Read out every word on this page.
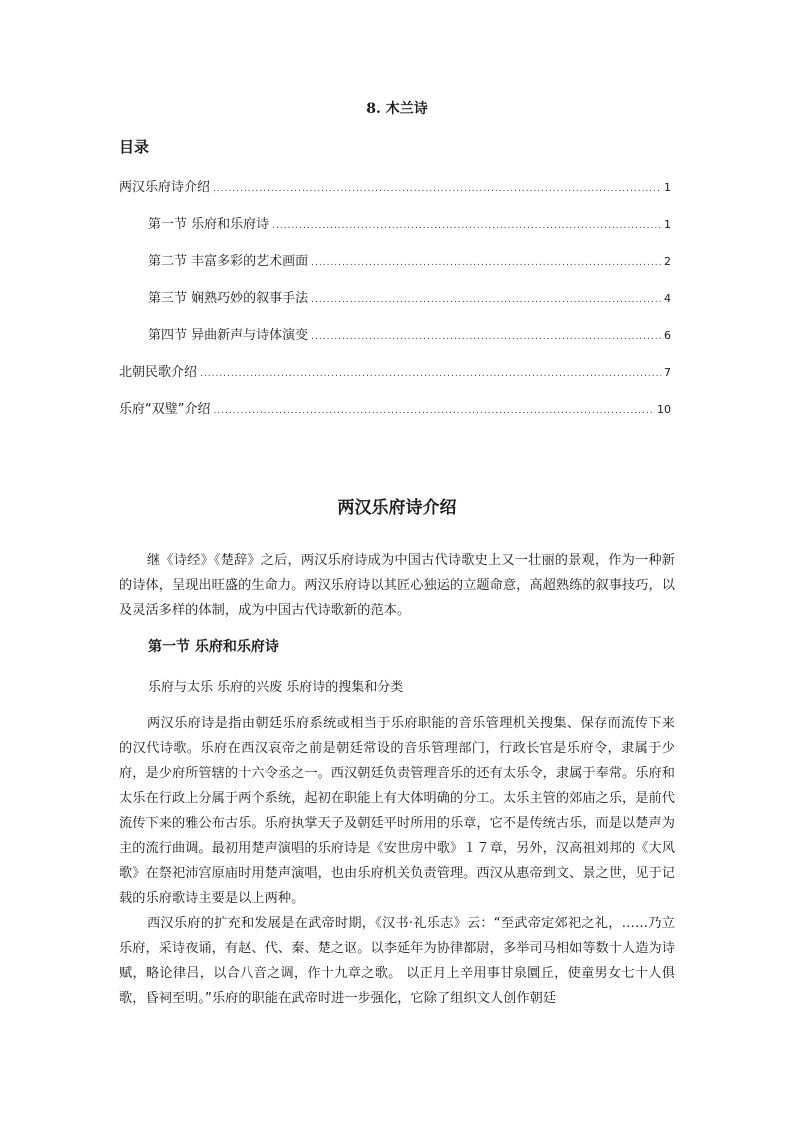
8. 木兰诗
目录
两汉乐府诗介绍 .....	1
第一节 乐府和乐府诗 .....	1
第二节 丰富多彩的艺术画面 .....	2
第三节 娴熟巧妙的叙事手法 .....	4
第四节 异曲新声与诗体演变 .....	6
北朝民歌介绍 .....	7
乐府“双璧”介绍 .....	10
两汉乐府诗介绍
继《诗经》《楚辞》之后，两汉乐府诗成为中国古代诗歌史上又一壮丽的景观，作为一种新的诗体，呈现出旺盛的生命力。两汉乐府诗以其匠心独运的立题命意，高超熟练的叙事技巧，以及灵活多样的体制，成为中国古代诗歌新的范本。
第一节 乐府和乐府诗
乐府与太乐 乐府的兴废 乐府诗的搜集和分类
两汉乐府诗是指由朝廷乐府系统或相当于乐府职能的音乐管理机关搜集、保存而流传下来的汉代诗歌。乐府在西汉哀帝之前是朝廷常设的音乐管理部门，行政长官是乐府令，隶属于少府，是少府所管辖的十六令丞之一。西汉朝廷负责管理音乐的还有太乐令，隶属于奉常。乐府和太乐在行政上分属于两个系统，起初在职能上有大体明确的分工。太乐主管的郊庙之乐，是前代流传下来的雅公布古乐。乐府执掌天子及朝廷平时所用的乐章，它不是传统古乐，而是以楚声为主的流行曲调。最初用楚声演唱的乐府诗是《安世房中歌》１７章，另外，汉高祖刘邦的《大风歌》在祭祀沛宫原庙时用楚声演唱，也由乐府机关负责管理。西汉从惠帝到文、景之世，见于记载的乐府歌诗主要是以上两种。
西汉乐府的扩充和发展是在武帝时期，《汉书·礼乐志》云：“至武帝定郊祀之礼，……乃立乐府，采诗夜诵，有赵、代、秦、楚之讴。以李延年为协律都尉，多举司马相如等数十人造为诗赋，略论律吕，以合八音之调，作十九章之歌。 以正月上辛用事甘泉圜丘，使童男女七十人俱歌，昏祠至明。”乐府的职能在武帝时进一步强化，它除了组织文人创作朝廷
